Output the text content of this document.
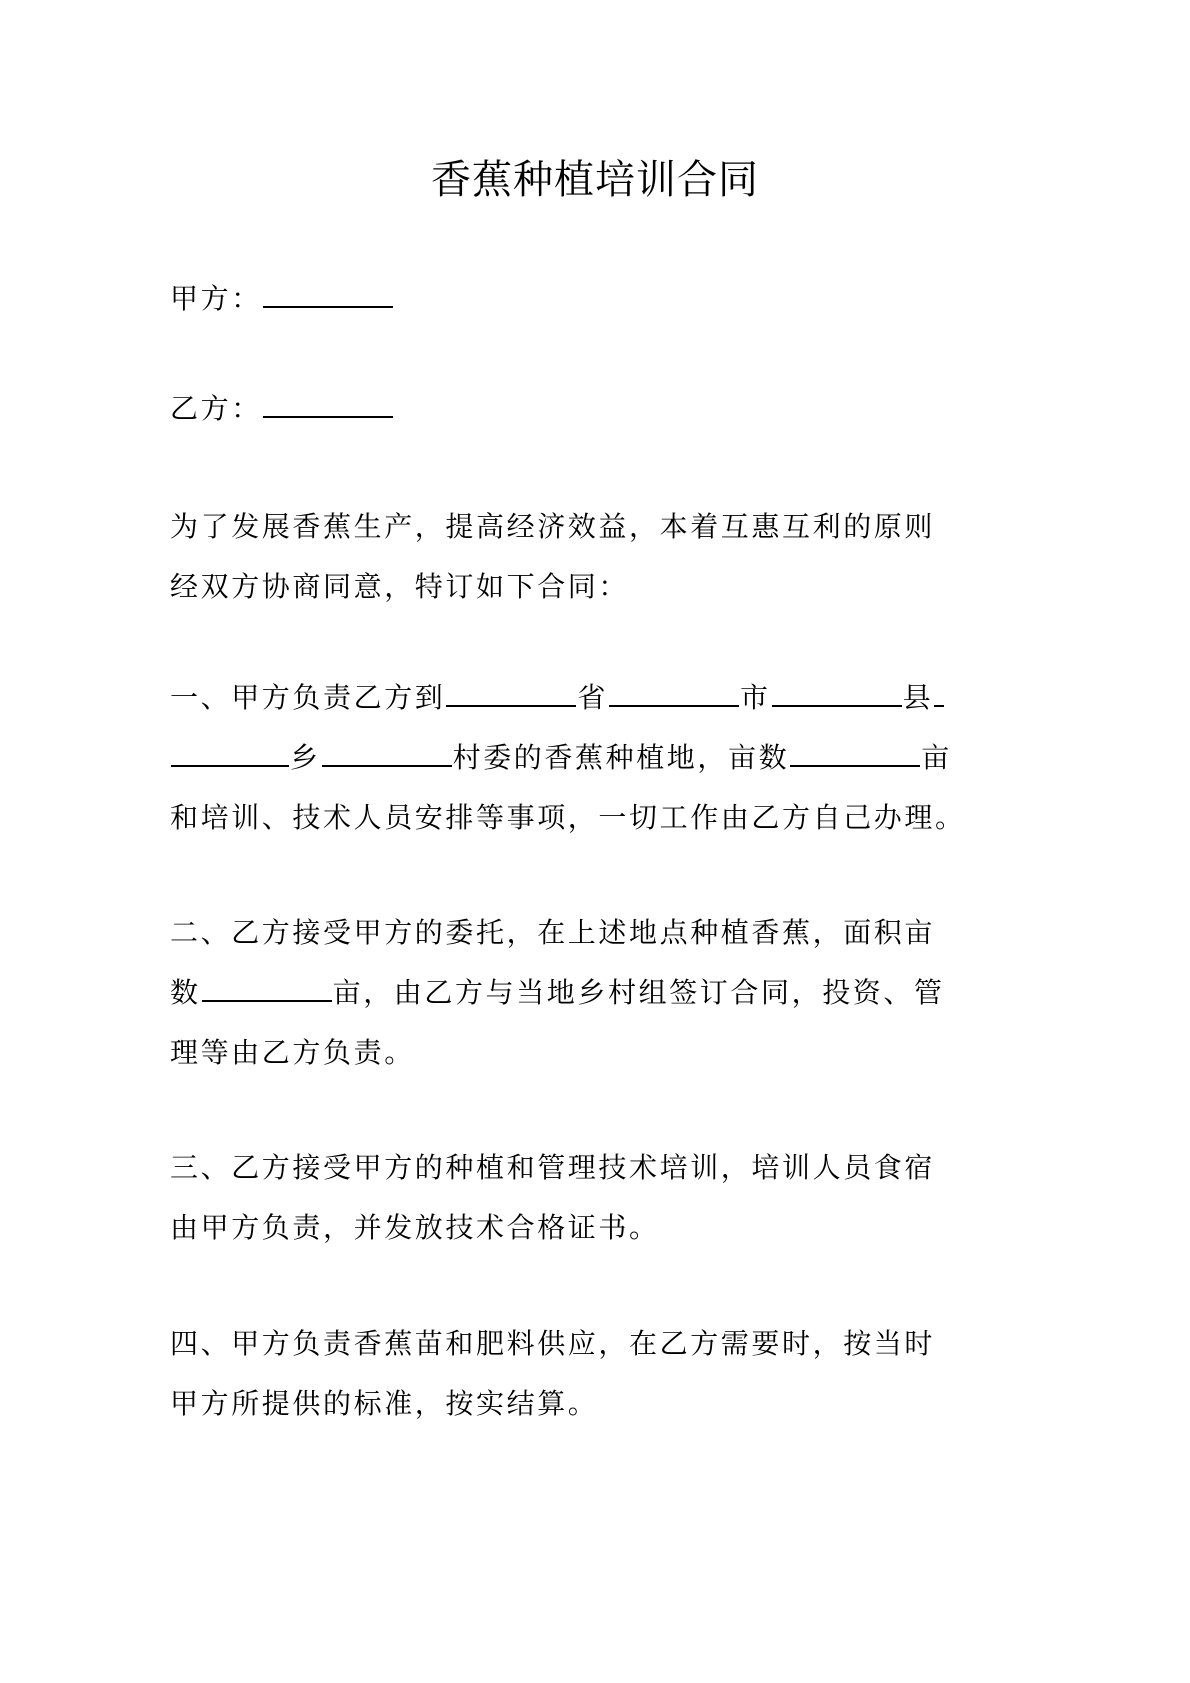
香蕉种植培训合同
甲方：
乙方：
为了发展香蕉生产，提高经济效益，本着互惠互利的原则
经双方协商同意，特订如下合同：
一、甲方负责乙方到	省	市	县
乡	村委的香蕉种植地，亩数	亩
和培训、技术人员安排等事项，一切工作由乙方自己办理。
二、乙方接受甲方的委托，在上述地点种植香蕉，面积亩
数	亩，由乙方与当地乡村组签订合同，投资、管
理等由乙方负责。
三、乙方接受甲方的种植和管理技术培训，培训人员食宿
由甲方负责，并发放技术合格证书。
四、甲方负责香蕉苗和肥料供应，在乙方需要时，按当时
甲方所提供的标准，按实结算。
